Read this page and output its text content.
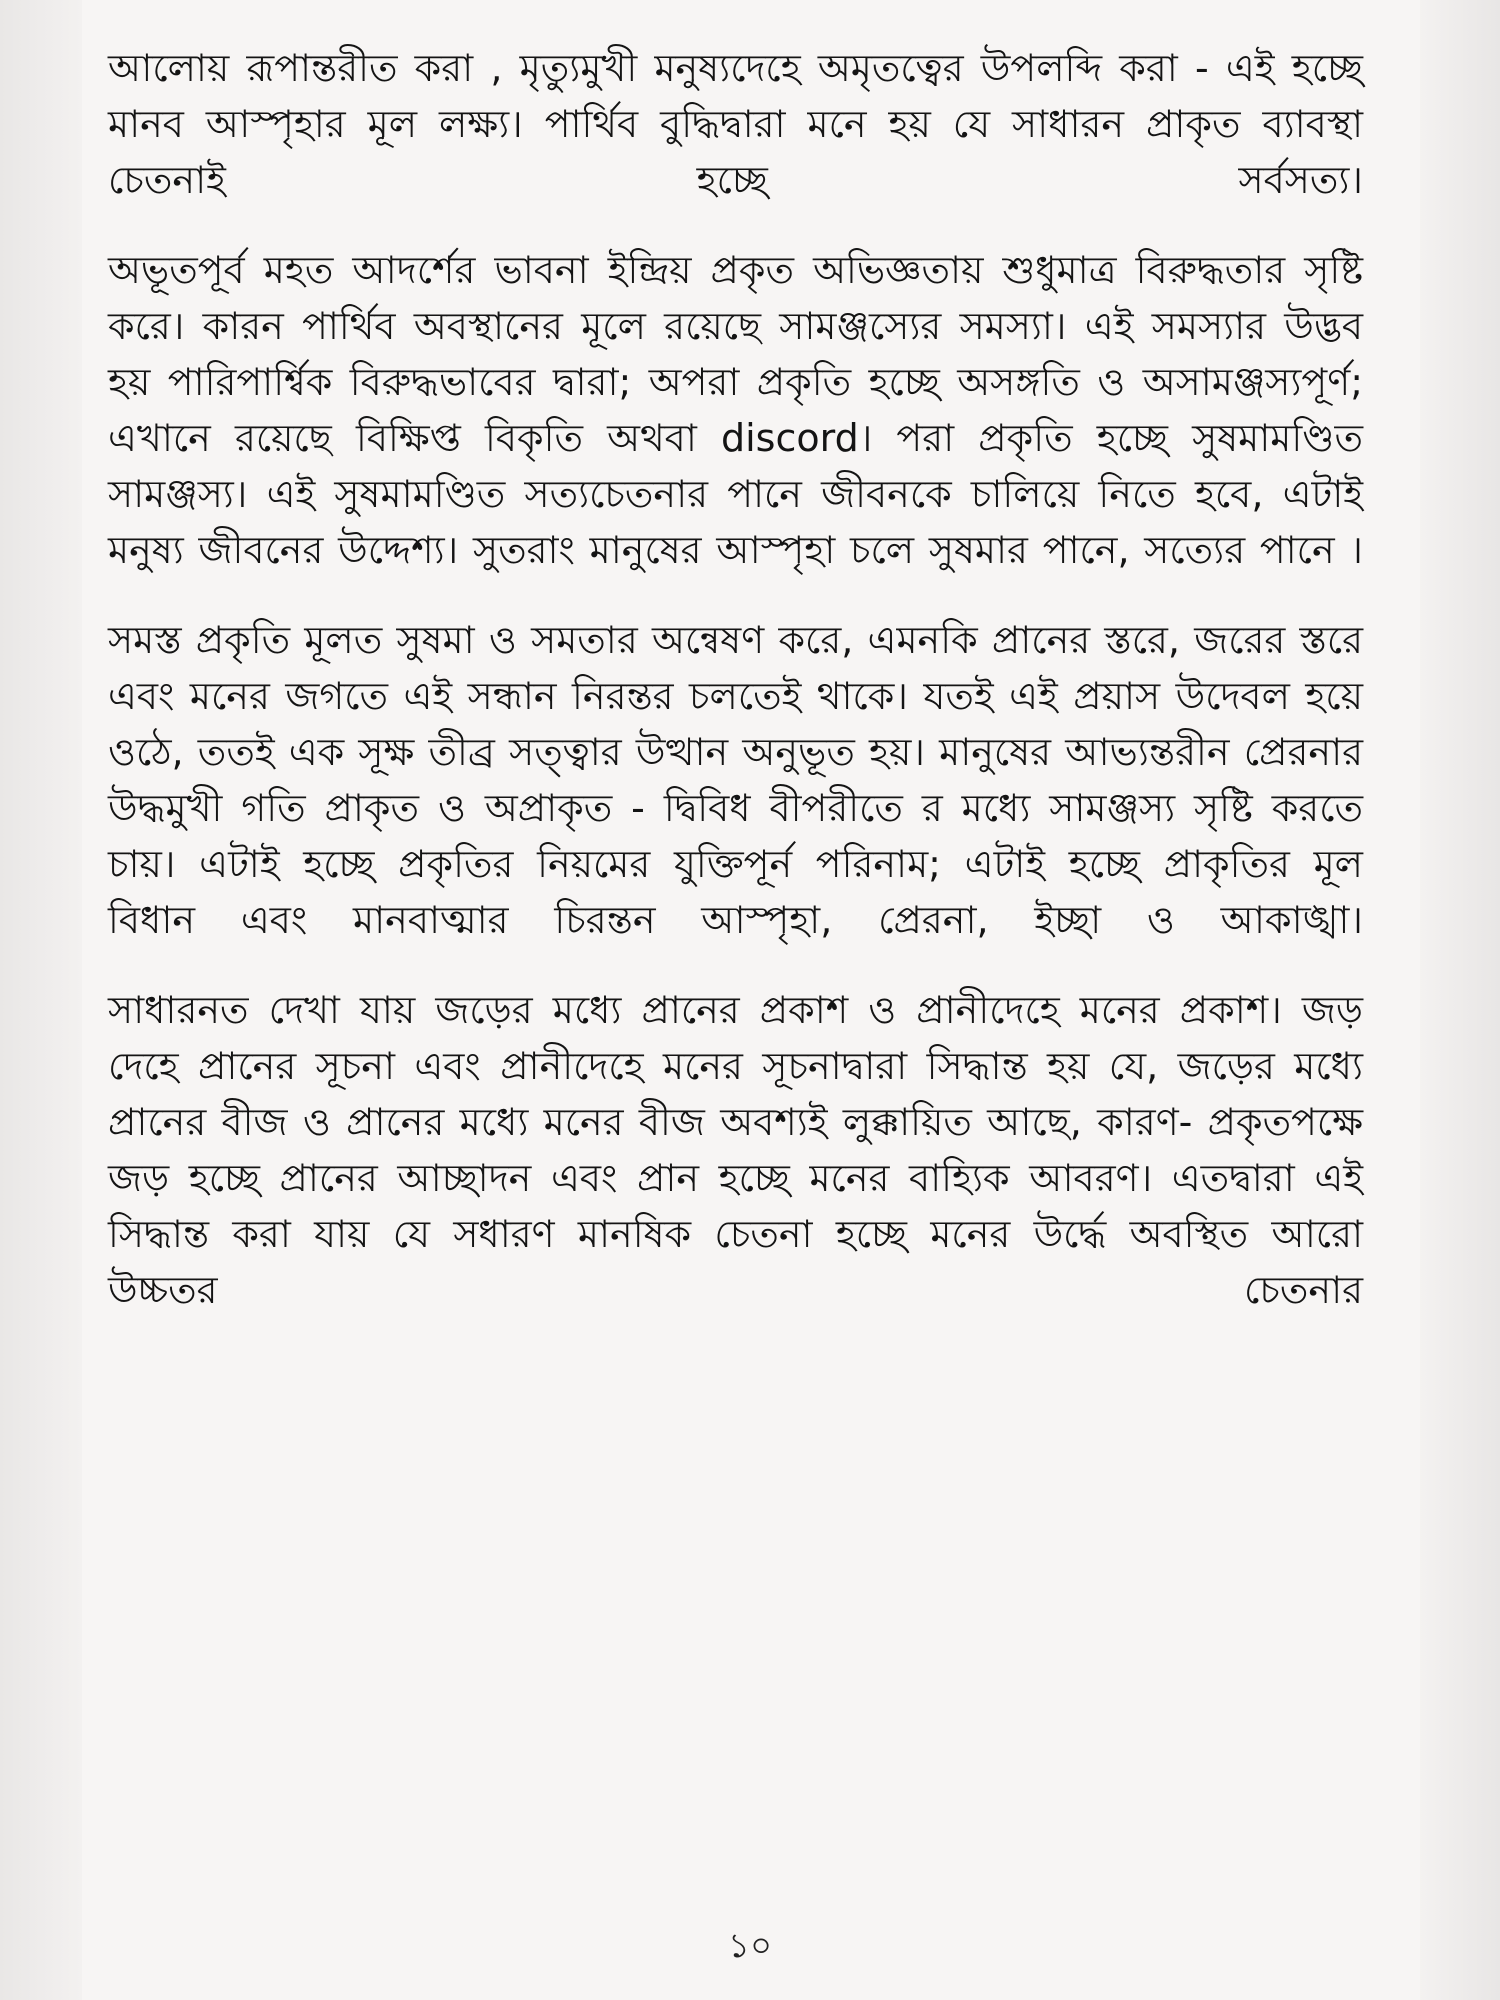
আলোয় রূপান্তরীত করা , মৃত্যুমুখী মনুষ্যদেহে অমৃতত্বের উপলব্দি করা - এই হচ্ছে মানব আস্পৃহার মূল লক্ষ্য। পার্থিব বুদ্ধিদ্বারা মনে হয় যে সাধারন প্রাকৃত ব্যাবস্থা চেতনাই হচ্ছে সর্বসত্য।

অভূতপূর্ব মহত আদর্শের ভাবনা ইন্দ্রিয় প্রকৃত অভিজ্ঞতায় শুধুমাত্র বিরুদ্ধতার সৃষ্টি করে। কারন পার্থিব অবস্থানের মূলে রয়েছে সামঞ্জস্যের সমস্যা। এই সমস্যার উদ্ভব হয় পারিপার্শ্বিক বিরুদ্ধভাবের দ্বারা; অপরা প্রকৃতি হচ্ছে অসঙ্গতি ও অসামঞ্জস্যপূর্ণ; এখানে রয়েছে বিক্ষিপ্ত বিকৃতি অথবা discord। পরা প্রকৃতি হচ্ছে সুষমামণ্ডিত সামঞ্জস্য। এই সুষমামণ্ডিত সত্যচেতনার পানে জীবনকে চালিয়ে নিতে হবে, এটাই মনুষ্য জীবনের উদ্দেশ্য। সুতরাং মানুষের আস্পৃহা চলে সুষমার পানে, সত্যের পানে ।

সমস্ত প্রকৃতি মূলত সুষমা ও সমতার অন্বেষণ করে, এমনকি প্রানের স্তরে, জরের স্তরে এবং মনের জগতে এই সন্ধান নিরন্তর চলতেই থাকে। যতই এই প্রয়াস উদেবল হয়ে ওঠে, ততই এক সূক্ষ তীব্র সত্ত্বার উত্থান অনুভূত হয়। মানুষের আভ্যন্তরীন প্রেরনার উদ্ধমুখী গতি প্রাকৃত ও অপ্রাকৃত - দ্বিবিধ বীপরীতে র মধ্যে সামঞ্জস্য সৃষ্টি করতে চায়। এটাই হচ্ছে প্রকৃতির নিয়মের যুক্তিপূর্ন পরিনাম; এটাই হচ্ছে প্রাকৃতির মূল বিধান এবং মানবাত্মার চিরন্তন আস্পৃহা, প্রেরনা, ইচ্ছা ও আকাঙ্খা।

সাধারনত দেখা যায় জড়ের মধ্যে প্রানের প্রকাশ ও প্রানীদেহে মনের প্রকাশ। জড় দেহে প্রানের সূচনা এবং প্রানীদেহে মনের সূচনাদ্বারা সিদ্ধান্ত হয় যে, জড়ের মধ্যে প্রানের বীজ ও প্রানের মধ্যে মনের বীজ অবশ্যই লুক্কায়িত আছে, কারণ- প্রকৃতপক্ষে জড় হচ্ছে প্রানের আচ্ছাদন এবং প্রান হচ্ছে মনের বাহ্যিক আবরণ। এতদ্বারা এই সিদ্ধান্ত করা যায় যে সধারণ মানষিক চেতনা হচ্ছে মনের উর্দ্ধে অবস্থিত আরো উচ্চতর চেতনার

১০
